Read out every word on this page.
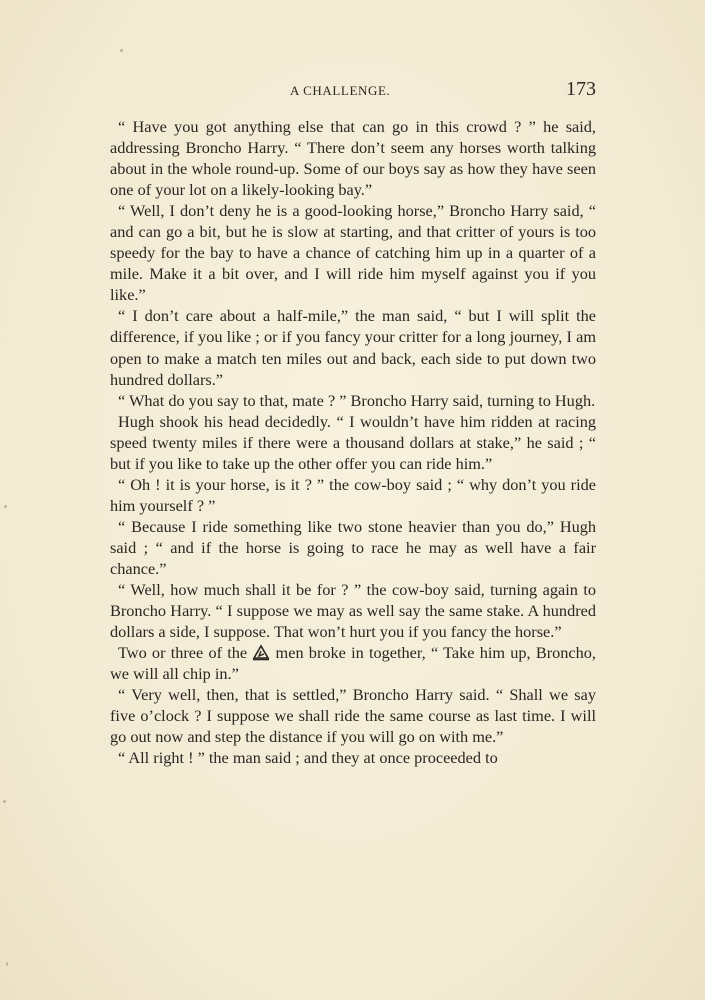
A CHALLENGE.	173

“ Have you got anything else that can go in this crowd ? ” he said, addressing Broncho Harry. “ There don’t seem any horses worth talking about in the whole round-up. Some of our boys say as how they have seen one of your lot on a likely-looking bay.”

“ Well, I don’t deny he is a good-looking horse,” Broncho Harry said, “ and can go a bit, but he is slow at starting, and that critter of yours is too speedy for the bay to have a chance of catching him up in a quarter of a mile. Make it a bit over, and I will ride him myself against you if you like.”

“ I don’t care about a half-mile,” the man said, “ but I will split the difference, if you like ; or if you fancy your critter for a long journey, I am open to make a match ten miles out and back, each side to put down two hundred dollars.”

“ What do you say to that, mate ? ” Broncho Harry said, turning to Hugh.

Hugh shook his head decidedly. “ I wouldn’t have him ridden at racing speed twenty miles if there were a thousand dollars at stake,” he said ; “ but if you like to take up the other offer you can ride him.”

“ Oh ! it is your horse, is it ? ” the cow-boy said ; “ why don’t you ride him yourself ? ”

“ Because I ride something like two stone heavier than you do,” Hugh said ; “ and if the horse is going to race he may as well have a fair chance.”

“ Well, how much shall it be for ? ” the cow-boy said, turning again to Broncho Harry. “ I suppose we may as well say the same stake. A hundred dollars a side, I suppose. That won’t hurt you if you fancy the horse.”

Two or three of the
men broke in together, “ Take him up, Broncho, we will all chip in.”

“ Very well, then, that is settled,” Broncho Harry said. “ Shall we say five o’clock ? I suppose we shall ride the same course as last time. I will go out now and step the distance if you will go on with me.”

“ All right ! ” the man said ; and they at once proceeded to
